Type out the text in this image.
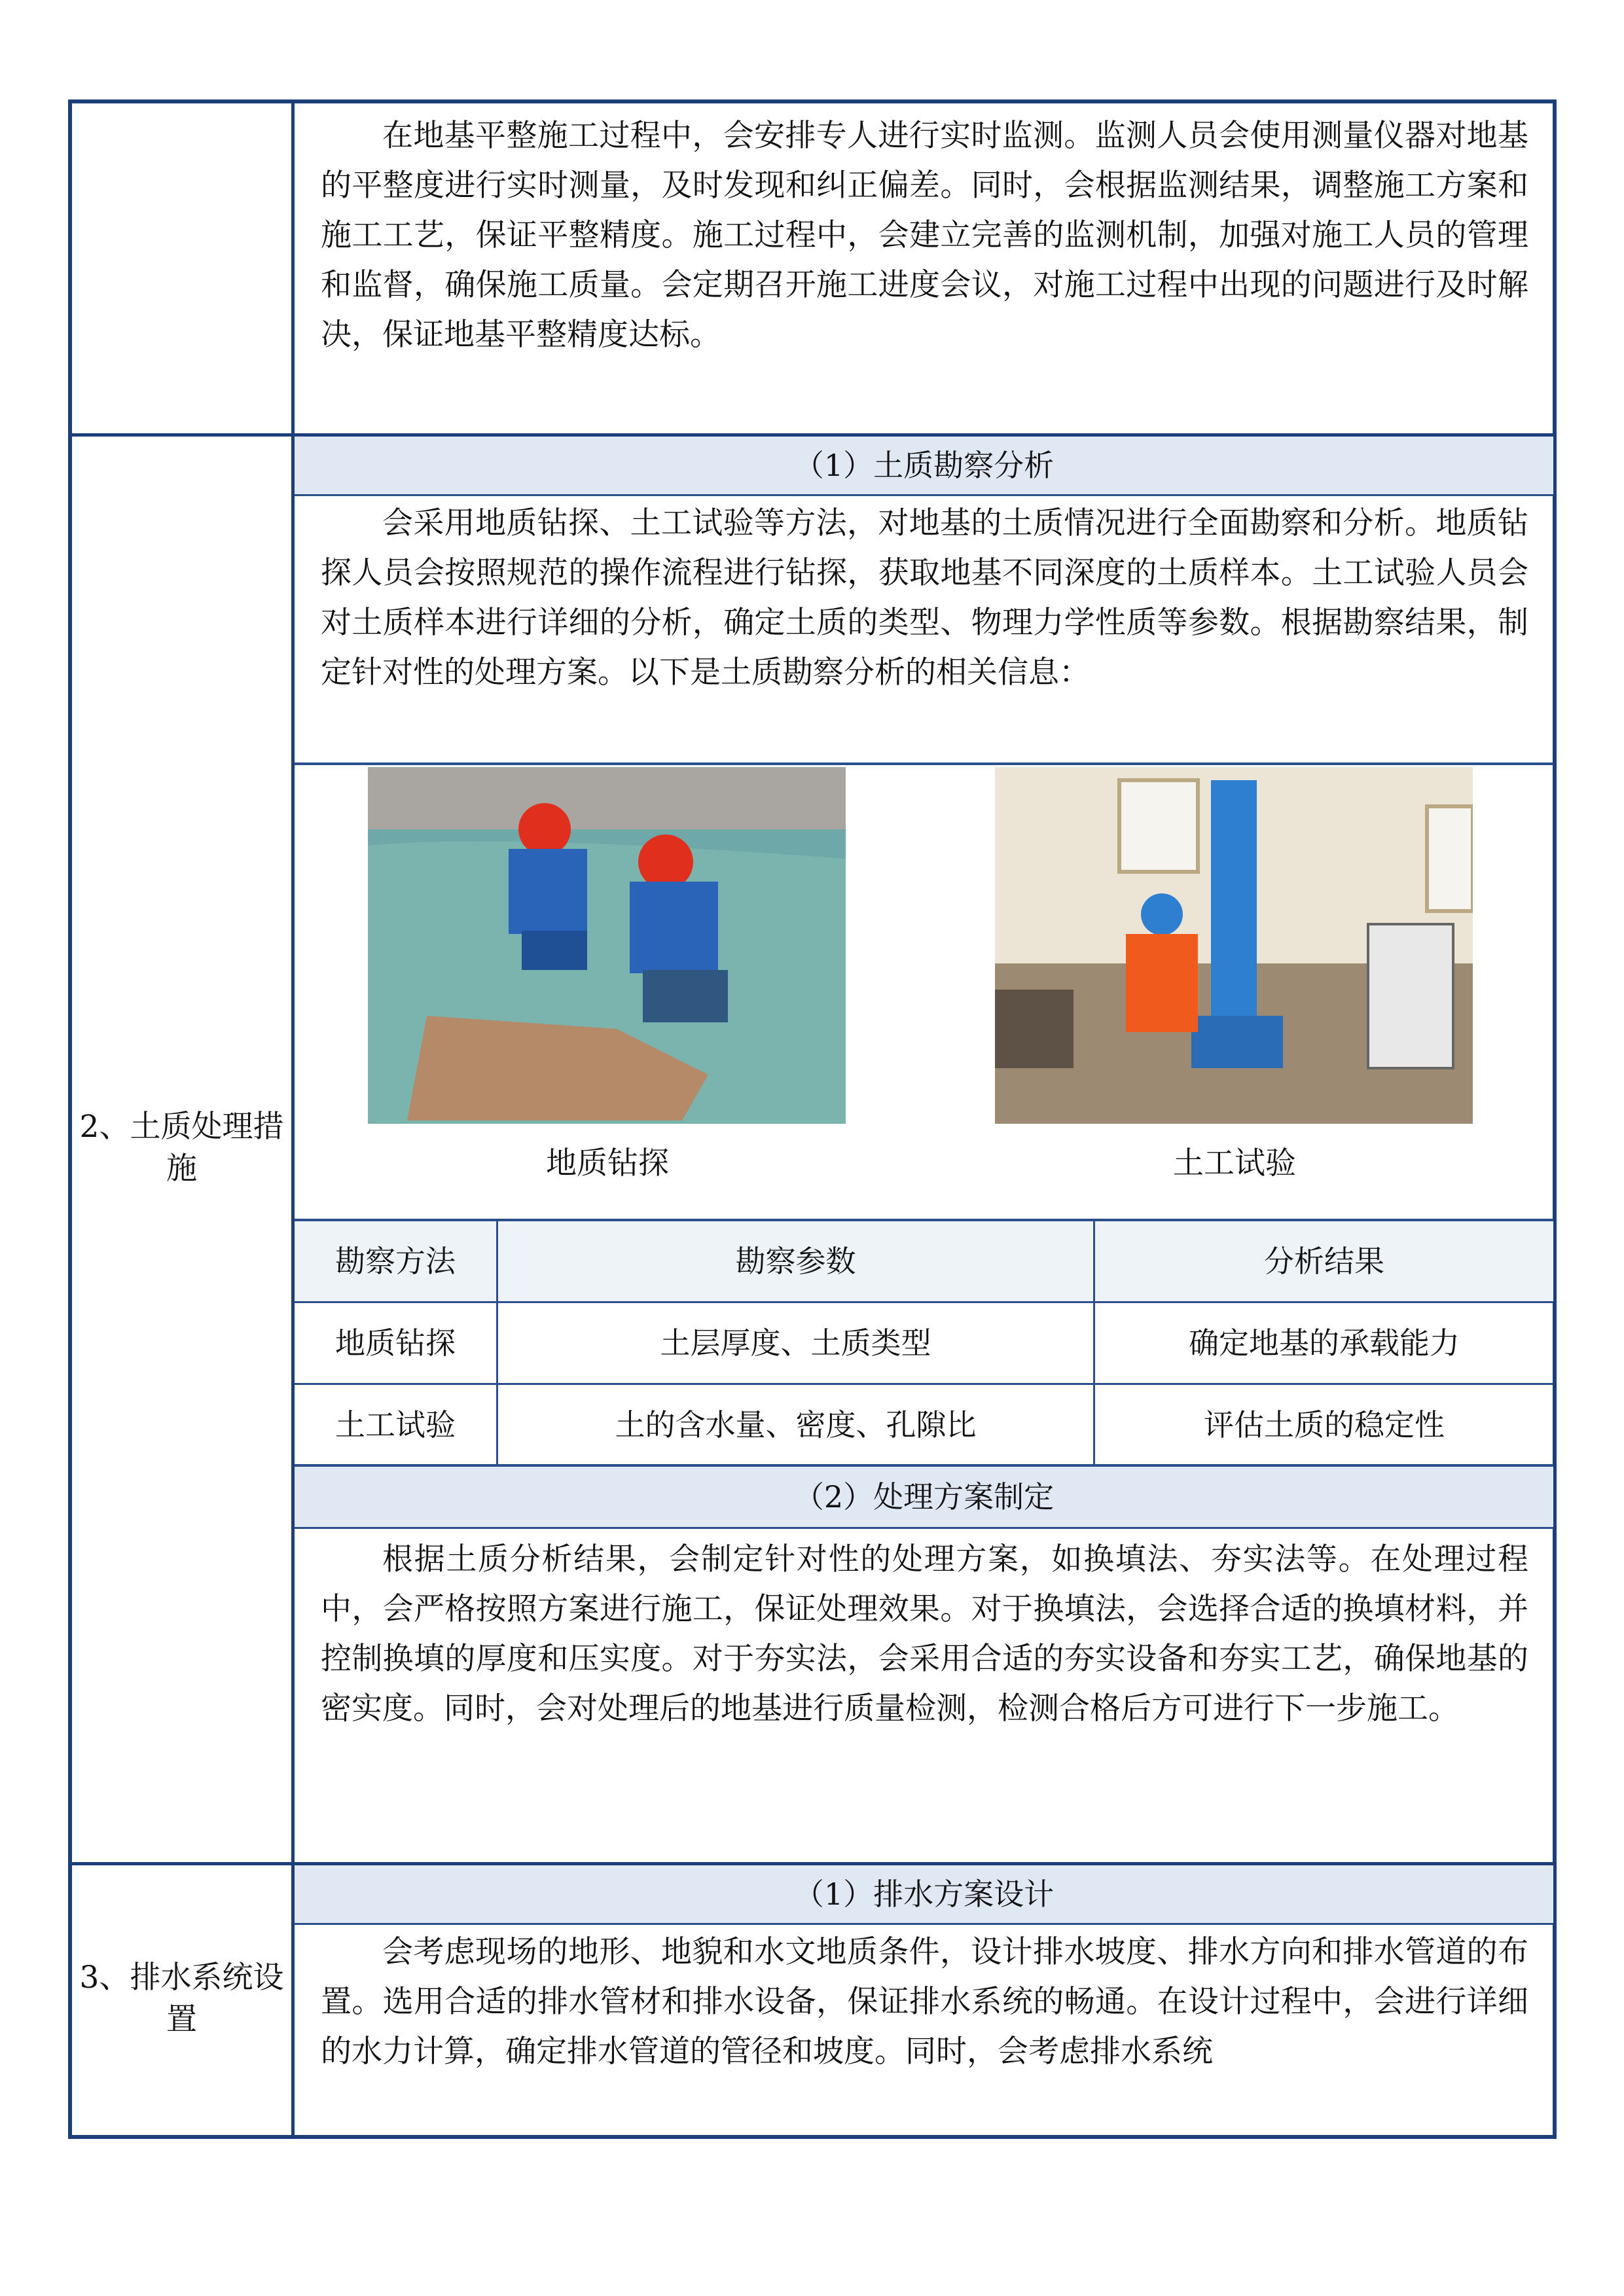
在地基平整施工过程中，会安排专人进行实时监测。监测人员会使用测量仪器对地基的平整度进行实时测量，及时发现和纠正偏差。同时，会根据监测结果，调整施工方案和施工工艺，保证平整精度。施工过程中，会建立完善的监测机制，加强对施工人员的管理和监督，确保施工质量。会定期召开施工进度会议，对施工过程中出现的问题进行及时解决，保证地基平整精度达标。

（1）土质勘察分析

会采用地质钻探、土工试验等方法，对地基的土质情况进行全面勘察和分析。地质钻探人员会按照规范的操作流程进行钻探，获取地基不同深度的土质样本。土工试验人员会对土质样本进行详细的分析，确定土质的类型、物理力学性质等参数。根据勘察结果，制定针对性的处理方案。以下是土质勘察分析的相关信息：

地质钻探	土工试验
勘察方法	勘察参数	分析结果
地质钻探	土层厚度、土质类型	确定地基的承载能力
土工试验	土的含水量、密度、孔隙比	评估土质的稳定性
（2）处理方案制定

根据土质分析结果，会制定针对性的处理方案，如换填法、夯实法等。在处理过程中，会严格按照方案进行施工，保证处理效果。对于换填法，会选择合适的换填材料，并控制换填的厚度和压实度。对于夯实法，会采用合适的夯实设备和夯实工艺，确保地基的密实度。同时，会对处理后的地基进行质量检测，检测合格后方可进行下一步施工。

2、土质处理措施
（1）排水方案设计

会考虑现场的地形、地貌和水文地质条件，设计排水坡度、排水方向和排水管道的布置。选用合适的排水管材和排水设备，保证排水系统的畅通。在设计过程中，会进行详细的水力计算，确定排水管道的管径和坡度。同时，会考虑排水系统

3、排水系统设置
